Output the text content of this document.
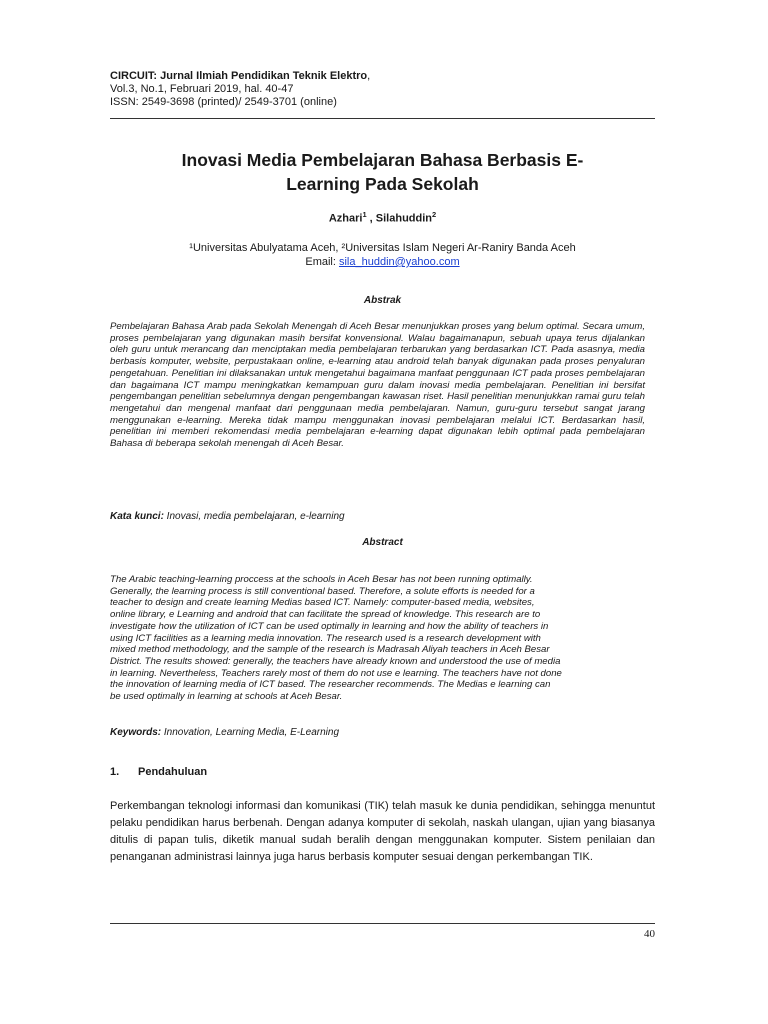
CIRCUIT: Jurnal Ilmiah Pendidikan Teknik Elektro,
Vol.3, No.1, Februari 2019, hal. 40-47
ISSN: 2549-3698 (printed)/ 2549-3701 (online)
Inovasi Media Pembelajaran Bahasa Berbasis E-
Learning Pada Sekolah
Azhari$^1$ , Silahuddin$^2$
¹Universitas Abulyatama Aceh, ²Universitas Islam Negeri Ar-Raniry Banda Aceh
Email: sila_huddin@yahoo.com
Abstrak

Pembelajaran Bahasa Arab pada Sekolah Menengah di Aceh Besar menunjukkan proses yang belum optimal. Secara umum, proses pembelajaran yang digunakan masih bersifat konvensional. Walau bagaimanapun, sebuah upaya terus dijalankan oleh guru untuk merancang dan menciptakan media pembelajaran terbarukan yang berdasarkan ICT. Pada asasnya, media berbasis komputer, website, perpustakaan online, e-learning atau android telah banyak digunakan pada proses penyaluran pengetahuan. Penelitian ini dilaksanakan untuk mengetahui bagaimana manfaat penggunaan ICT pada proses pembelajaran dan bagaimana ICT mampu meningkatkan kemampuan guru dalam inovasi media pembelajaran. Penelitian ini bersifat pengembangan penelitian sebelumnya dengan pengembangan kawasan riset. Hasil penelitian menunjukkan ramai guru telah mengetahui dan mengenal manfaat dari penggunaan media pembelajaran. Namun, guru-guru tersebut sangat jarang menggunakan e-learning. Mereka tidak mampu menggunakan inovasi pembelajaran melalui ICT. Berdasarkan hasil, penelitian ini memberi rekomendasi media pembelajaran e-learning dapat digunakan lebih optimal pada pembelajaran Bahasa di beberapa sekolah menengah di Aceh Besar.

Kata kunci: Inovasi, media pembelajaran, e-learning
Abstract
The Arabic teaching-learning proccess at the schools in Aceh Besar has not been running optimally.
Generally, the learning process is still conventional based. Therefore, a solute efforts is needed for a
teacher to design and create learning Medias based ICT. Namely: computer-based media, websites,
online library, e Learning and android that can facilitate the spread of knowledge. This research are to
investigate how the utilization of ICT can be used optimally in learning and how the ability of teachers in
using ICT facilities as a learning media innovation. The research used is a research development with
mixed method methodology, and the sample of the research is Madrasah Aliyah teachers in Aceh Besar
District. The results showed: generally, the teachers have already known and understood the use of media
in learning. Nevertheless, Teachers rarely most of them do not use e learning. The teachers have not done
the innovation of learning media of ICT based. The researcher recommends. The Medias e learning can
be used optimally in learning at schools at Aceh Besar.
Keywords: Innovation, Learning Media, E-Learning
1. Pendahuluan

Perkembangan teknologi informasi dan komunikasi (TIK) telah masuk ke dunia pendidikan, sehingga menuntut pelaku pendidikan harus berbenah. Dengan adanya komputer di sekolah, naskah ulangan, ujian yang biasanya ditulis di papan tulis, diketik manual sudah beralih dengan menggunakan komputer. Sistem penilaian dan penanganan administrasi lainnya juga harus berbasis komputer sesuai dengan perkembangan TIK.

40
